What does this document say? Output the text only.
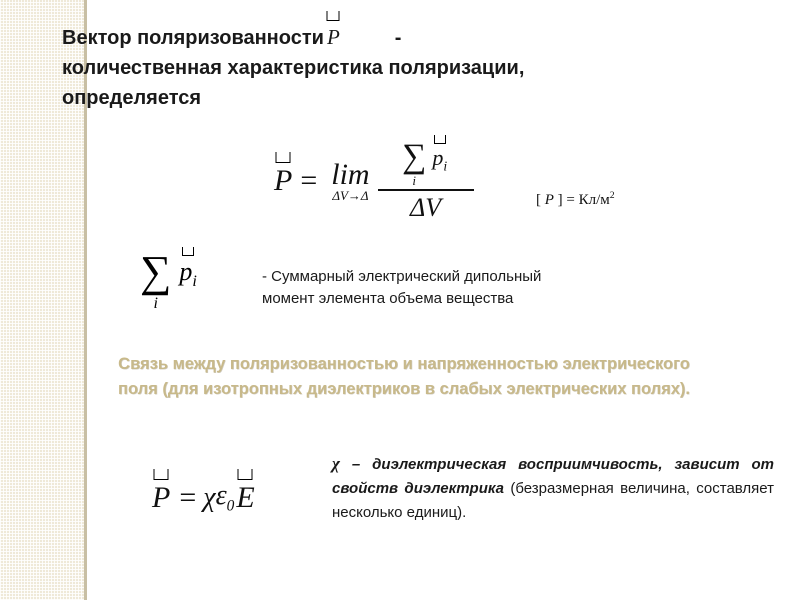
Вектор поляризованности P	-
количественная характеристика поляризации,
определяется
P = lim
ΔV→Δ
∑
i
$p_i$
ΔV	[ P ] = $Кл/м^2$
∑
i
$p_i$	- Суммарный электрический дипольный
момент элемента объема вещества
Связь между поляризованностью и напряженностью электрического
поля (для изотропных диэлектриков в слабых электрических полях).
P = χ $\varepsilon_0$ E
χ – диэлектрическая восприимчивость, зависит от свойств диэлектрика (безразмерная величина, составляет несколько единиц).
